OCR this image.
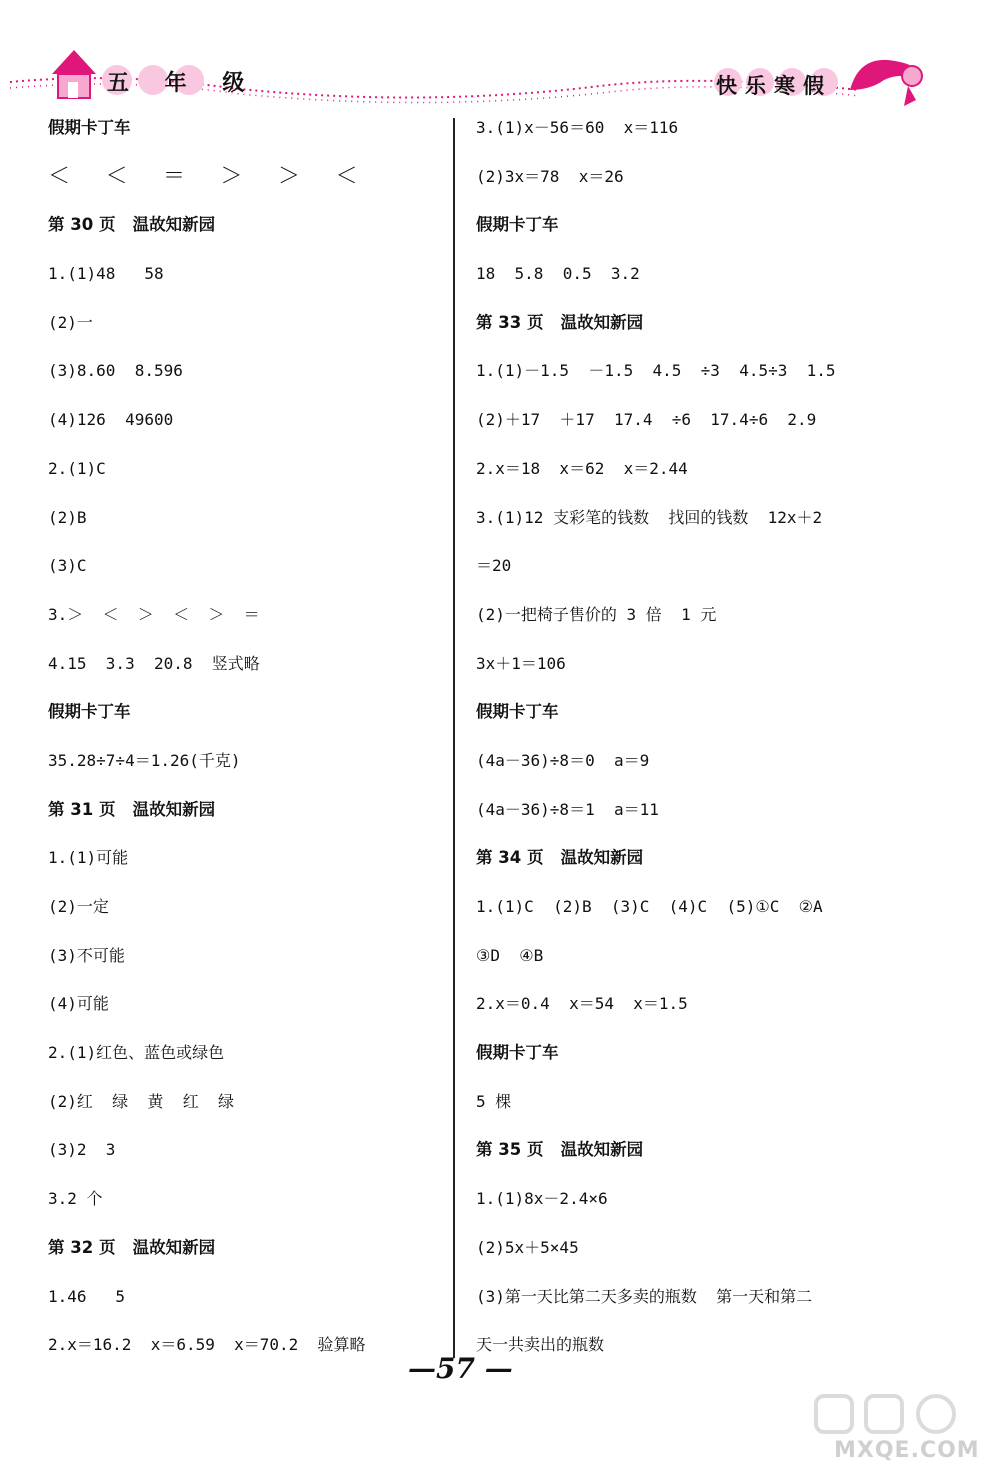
五 年 级	快乐寒假
假期卡丁车
＜  ＜  ＝  ＞  ＞  ＜
第 30 页   温故知新园
1.(1)48   58
(2)一
(3)8.60  8.596
(4)126  49600
2.(1)C
(2)B
(3)C
3.＞  ＜  ＞  ＜  ＞  ＝
4.15  3.3  20.8  竖式略
假期卡丁车
35.28÷7÷4＝1.26(千克)
第 31 页   温故知新园
1.(1)可能
(2)一定
(3)不可能
(4)可能
2.(1)红色、蓝色或绿色
(2)红  绿  黄  红  绿
(3)2  3
3.2 个
第 32 页   温故知新园
1.46   5
2.x＝16.2  x＝6.59  x＝70.2  验算略
3.(1)x－56＝60  x＝116
(2)3x＝78  x＝26
假期卡丁车
18  5.8  0.5  3.2
第 33 页   温故知新园
1.(1)－1.5  －1.5  4.5  ÷3  4.5÷3  1.5
(2)＋17  ＋17  17.4  ÷6  17.4÷6  2.9
2.x＝18  x＝62  x＝2.44
3.(1)12 支彩笔的钱数  找回的钱数  12x＋2
＝20
(2)一把椅子售价的 3 倍  1 元
3x＋1＝106
假期卡丁车
(4a－36)÷8＝0  a＝9
(4a－36)÷8＝1  a＝11
第 34 页   温故知新园
1.(1)C  (2)B  (3)C  (4)C  (5)①C  ②A
③D  ④B
2.x＝0.4  x＝54  x＝1.5
假期卡丁车
5 棵
第 35 页   温故知新园
1.(1)8x－2.4×6
(2)5x＋5×45
(3)第一天比第二天多卖的瓶数  第一天和第二
天一共卖出的瓶数
—57 —
MXQE.COM
